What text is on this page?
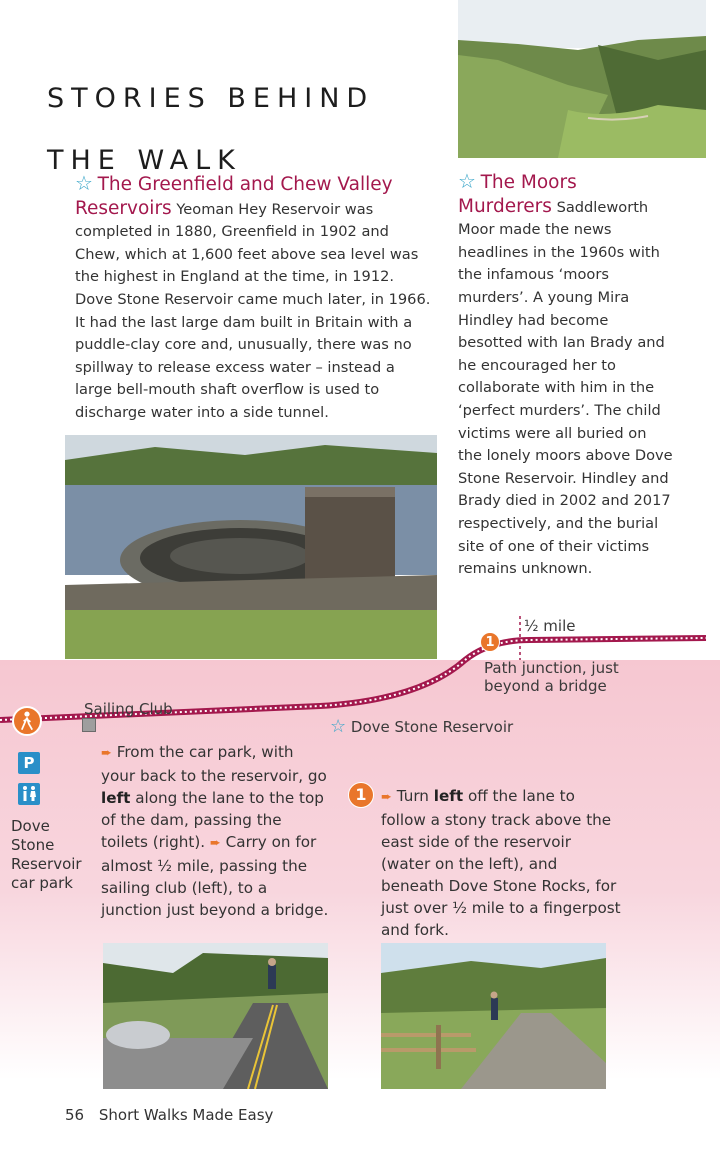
STORIES BEHIND
THE WALK
☆ The Greenfield and Chew Valley Reservoirs Yeoman Hey Reservoir was completed in 1880, Greenfield in 1902 and Chew, which at 1,600 feet above sea level was the highest in England at the time, in 1912. Dove Stone Reservoir came much later, in 1966. It had the last large dam built in Britain with a puddle-clay core and, unusually, there was no spillway to release excess water – instead a large bell-mouth shaft overflow is used to discharge water into a side tunnel.
☆ The Moors Murderers Saddleworth Moor made the news headlines in the 1960s with the infamous ‘moors murders’. A young Mira Hindley had become besotted with Ian Brady and he encouraged her to collaborate with him in the ‘perfect murders’. The child victims were all buried on the lonely moors above Dove Stone Reservoir. Hindley and Brady died in 2002 and 2017 respectively, and the burial site of one of their victims remains unknown.
½ mile
1
Path junction, just beyond a bridge
Sailing Club
☆ Dove Stone Reservoir
P
Dove
Stone
Reservoir
car park
➨ From the car park, with your back to the reservoir, go left along the lane to the top of the dam, passing the toilets (right). ➨ Carry on for almost ½ mile, passing the sailing club (left), to a junction just beyond a bridge.
1	➨ Turn left off the lane to follow a stony track above the east side of the reservoir (water on the left), and beneath Dove Stone Rocks, for just over ½ mile to a fingerpost and fork.
56 Short Walks Made Easy
